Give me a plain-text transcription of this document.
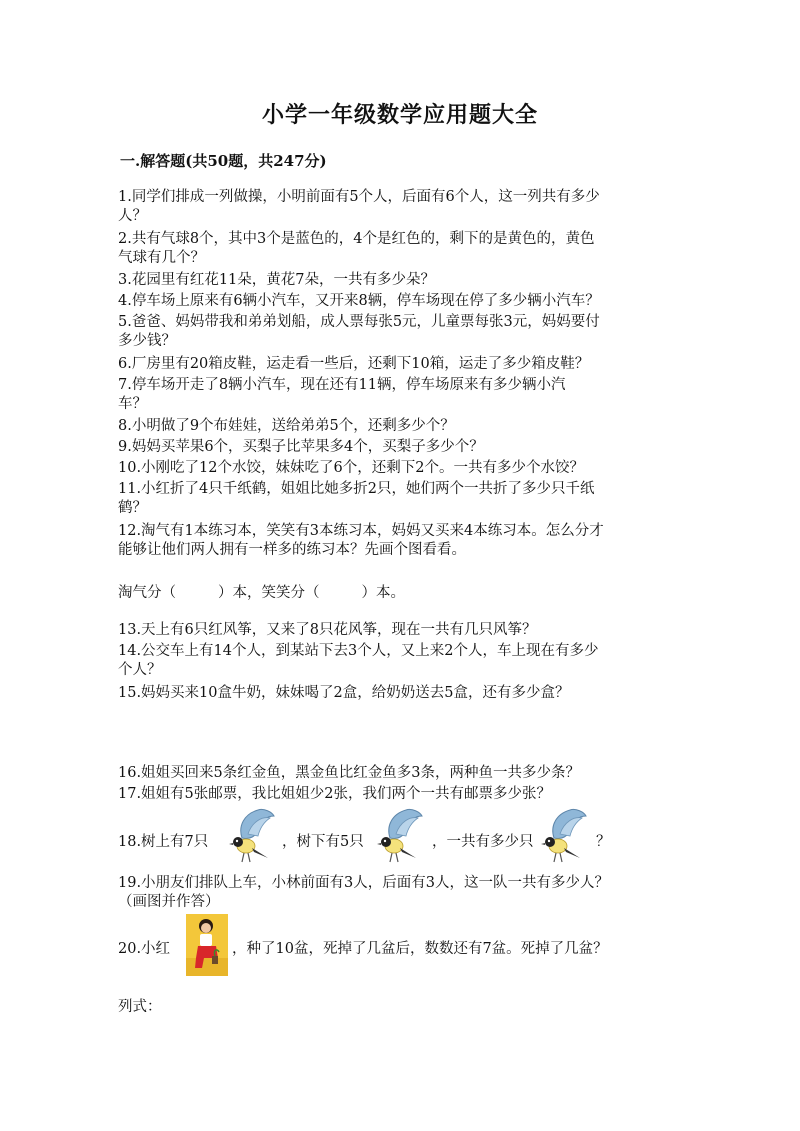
小学一年级数学应用题大全
一.解答题(共50题，共247分)
1.同学们排成一列做操，小明前面有5个人，后面有6个人，这一列共有多少
人？
2.共有气球8个，其中3个是蓝色的，4个是红色的，剩下的是黄色的，黄色
气球有几个？
3.花园里有红花11朵，黄花7朵，一共有多少朵？
4.停车场上原来有6辆小汽车，又开来8辆，停车场现在停了多少辆小汽车？
5.爸爸、妈妈带我和弟弟划船，成人票每张5元，儿童票每张3元，妈妈要付
多少钱？
6.厂房里有20箱皮鞋，运走看一些后，还剩下10箱，运走了多少箱皮鞋？
7.停车场开走了8辆小汽车，现在还有11辆，停车场原来有多少辆小汽
车？
8.小明做了9个布娃娃，送给弟弟5个，还剩多少个？
9.妈妈买苹果6个，买梨子比苹果多4个，买梨子多少个？
10.小刚吃了12个水饺，妹妹吃了6个，还剩下2个。一共有多少个水饺？
11.小红折了4只千纸鹤，姐姐比她多折2只，她们两个一共折了多少只千纸
鹤？
12.淘气有1本练习本，笑笑有3本练习本，妈妈又买来4本练习本。怎么分才
能够让他们两人拥有一样多的练习本？先画个图看看。
淘气分（	）本，笑笑分（	）本。
13.天上有6只红风筝，又来了8只花风筝，现在一共有几只风筝？
14.公交车上有14个人，到某站下去3个人，又上来2个人，车上现在有多少
个人？
15.妈妈买来10盒牛奶，妹妹喝了2盒，给奶奶送去5盒，还有多少盒？
16.姐姐买回来5条红金鱼，黑金鱼比红金鱼多3条，两种鱼一共多少条？
17.姐姐有5张邮票，我比姐姐少2张，我们两个一共有邮票多少张？
18.树上有7只	，树下有5只	，一共有多少只	？
19.小朋友们排队上车，小林前面有3人，后面有3人，这一队一共有多少人？
（画图并作答）
20.小红	，种了10盆，死掉了几盆后，数数还有7盆。死掉了几盆？
列式：
